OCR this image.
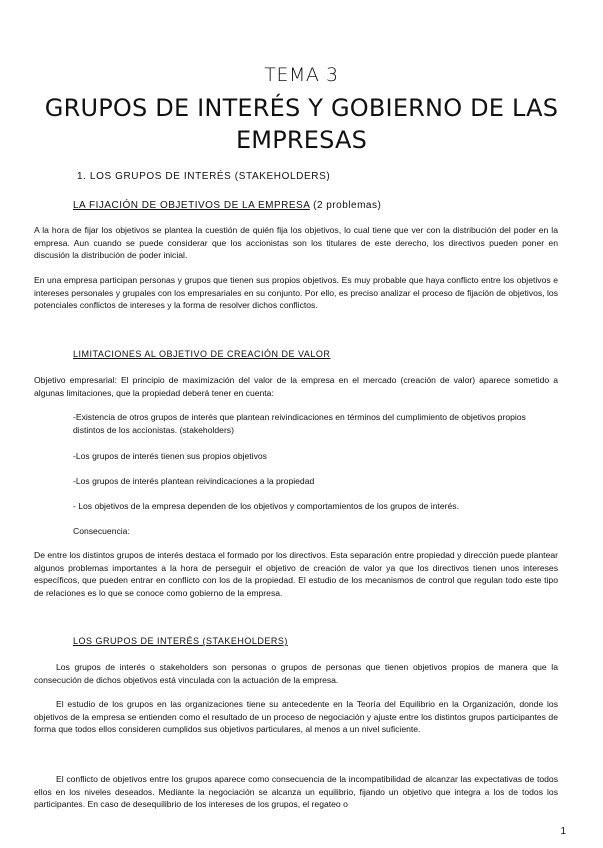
TEMA 3
GRUPOS DE INTERÉS Y GOBIERNO DE LAS EMPRESAS
1. LOS GRUPOS DE INTERÉS (STAKEHOLDERS)
LA FIJACIÓN DE OBJETIVOS DE LA EMPRESA (2 problemas)
A la hora de fijar los objetivos se plantea la cuestión de quién fija los objetivos, lo cual tiene que ver con la distribución del poder en la empresa. Aun cuando se puede considerar que los accionistas son los titulares de este derecho, los directivos pueden poner en discusión la distribución de poder inicial.
En una empresa participan personas y grupos que tienen sus propios objetivos. Es muy probable que haya conflicto entre los objetivos e intereses personales y grupales con los empresariales en su conjunto. Por ello, es preciso analizar el proceso de fijación de objetivos, los potenciales conflictos de intereses y la forma de resolver dichos conflictos.
LIMITACIONES AL OBJETIVO DE CREACIÓN DE VALOR
Objetivo empresarial: El principio de maximización del valor de la empresa en el mercado (creación de valor) aparece sometido a algunas limitaciones, que la propiedad deberá tener en cuenta:
-Existencia de otros grupos de interés que plantean reivindicaciones en términos del cumplimiento de objetivos propios distintos de los accionistas. (stakeholders)
-Los grupos de interés tienen sus propios objetivos
-Los grupos de interés plantean reivindicaciones a la propiedad
- Los objetivos de la empresa dependen de los objetivos y comportamientos de los grupos de interés.
Consecuencia:
De entre los distintos grupos de interés destaca el formado por los directivos. Esta separación entre propiedad y dirección puede plantear algunos problemas importantes a la hora de perseguir el objetivo de creación de valor ya que los directivos tienen unos intereses específicos, que pueden entrar en conflicto con los de la propiedad. El estudio de los mecanismos de control que regulan todo este tipo de relaciones es lo que se conoce como gobierno de la empresa.
LOS GRUPOS DE INTERÉS (STAKEHOLDERS)
Los grupos de interés o stakeholders son personas o grupos de personas que tienen objetivos propios de manera que la consecución de dichos objetivos está vinculada con la actuación de la empresa.
El estudio de los grupos en las organizaciones tiene su antecedente en la Teoría del Equilibrio en la Organización, donde los objetivos de la empresa se entienden como el resultado de un proceso de negociación y ajuste entre los distintos grupos participantes de forma que todos ellos consideren cumplidos sus objetivos particulares, al menos a un nivel suficiente.
El conflicto de objetivos entre los grupos aparece como consecuencia de la incompatibilidad de alcanzar las expectativas de todos ellos en los niveles deseados. Mediante la negociación se alcanza un equilibrio, fijando un objetivo que integra a los de todos los participantes. En caso de desequilibrio de los intereses de los grupos, el regateo o
1
